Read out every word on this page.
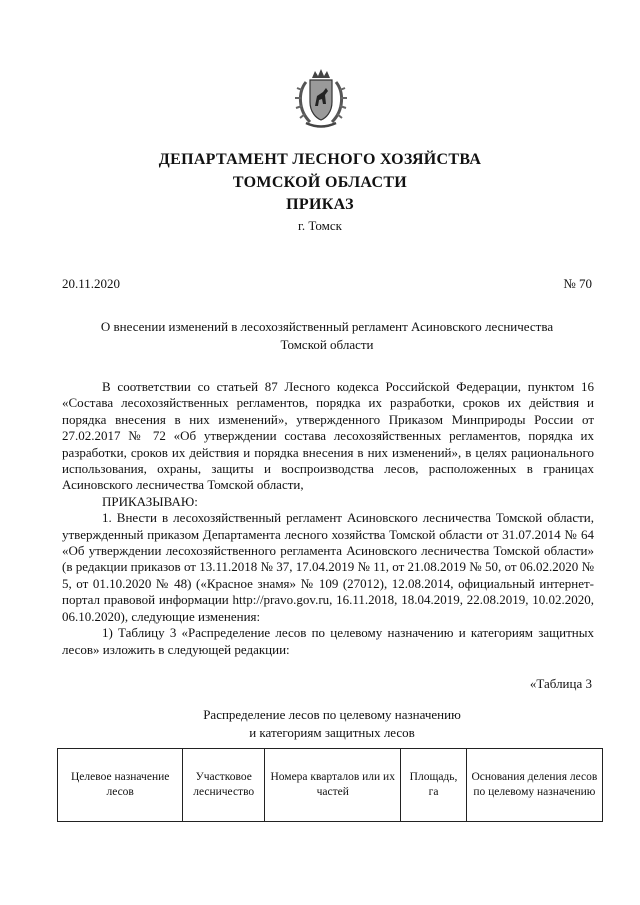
ДЕПАРТАМЕНТ ЛЕСНОГО ХОЗЯЙСТВА
ТОМСКОЙ ОБЛАСТИ
ПРИКАЗ
г. Томск
20.11.2020	№ 70
О внесении изменений в лесохозяйственный регламент Асиновского лесничества
Томской области

В соответствии со статьей 87 Лесного кодекса Российской Федерации, пунктом 16 «Состава лесохозяйственных регламентов, порядка их разработки, сроков их действия и порядка внесения в них изменений», утвержденного Приказом Минприроды России от 27.02.2017 № 72 «Об утверждении состава лесохозяйственных регламентов, порядка их разработки, сроков их действия и порядка внесения в них изменений», в целях рационального использования, охраны, защиты и воспроизводства лесов, расположенных в границах Асиновского лесничества Томской области,

ПРИКАЗЫВАЮ:

1. Внести в лесохозяйственный регламент Асиновского лесничества Томской области, утвержденный приказом Департамента лесного хозяйства Томской области от 31.07.2014 № 64 «Об утверждении лесохозяйственного регламента Асиновского лесничества Томской области» (в редакции приказов от 13.11.2018 № 37, 17.04.2019 № 11, от 21.08.2019 № 50, от 06.02.2020 № 5, от 01.10.2020 № 48) («Красное знамя» № 109 (27012), 12.08.2014, официальный интернет-портал правовой информации http://pravo.gov.ru, 16.11.2018, 18.04.2019, 22.08.2019, 10.02.2020, 06.10.2020), следующие изменения:

1) Таблицу 3 «Распределение лесов по целевому назначению и категориям защитных лесов» изложить в следующей редакции:

«Таблица 3
Распределение лесов по целевому назначению
и категориям защитных лесов
Целевое назначение лесов	Участковое лесничество	Номера кварталов или их частей	Площадь, га	Основания деления лесов по целевому назначению
